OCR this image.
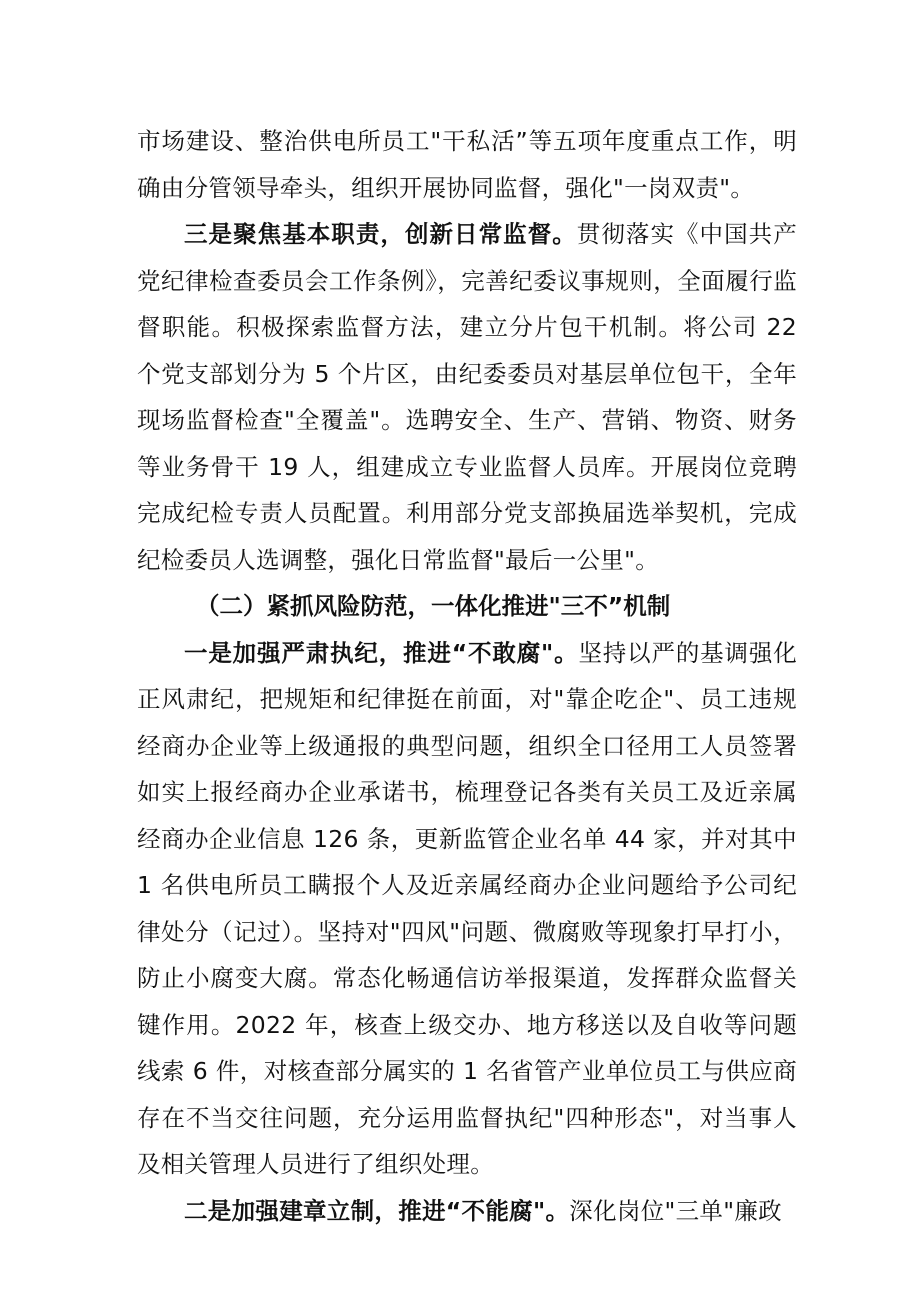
市场建设、整治供电所员工"干私活”等五项年度重点工作，明确由分管领导牵头，组织开展协同监督，强化"一岗双责"。

三是聚焦基本职责，创新日常监督。贯彻落实《中国共产党纪律检查委员会工作条例》，完善纪委议事规则，全面履行监督职能。积极探索监督方法，建立分片包干机制。将公司 22 个党支部划分为 5 个片区，由纪委委员对基层单位包干，全年现场监督检查"全覆盖"。选聘安全、生产、营销、物资、财务等业务骨干 19 人，组建成立专业监督人员库。开展岗位竞聘完成纪检专责人员配置。利用部分党支部换届选举契机，完成纪检委员人选调整，强化日常监督"最后一公里"。

（二）紧抓风险防范，一体化推进"三不”机制

一是加强严肃执纪，推进“不敢腐"。坚持以严的基调强化正风肃纪，把规矩和纪律挺在前面，对"靠企吃企"、员工违规经商办企业等上级通报的典型问题，组织全口径用工人员签署如实上报经商办企业承诺书，梳理登记各类有关员工及近亲属经商办企业信息 126 条，更新监管企业名单 44 家，并对其中 1 名供电所员工瞒报个人及近亲属经商办企业问题给予公司纪律处分（记过）。坚持对"四风"问题、微腐败等现象打早打小，防止小腐变大腐。常态化畅通信访举报渠道，发挥群众监督关键作用。2022 年，核查上级交办、地方移送以及自收等问题线索 6 件，对核查部分属实的 1 名省管产业单位员工与供应商存在不当交往问题，充分运用监督执纪"四种形态"，对当事人及相关管理人员进行了组织处理。

二是加强建章立制，推进“不能腐"。深化岗位"三单"廉政
